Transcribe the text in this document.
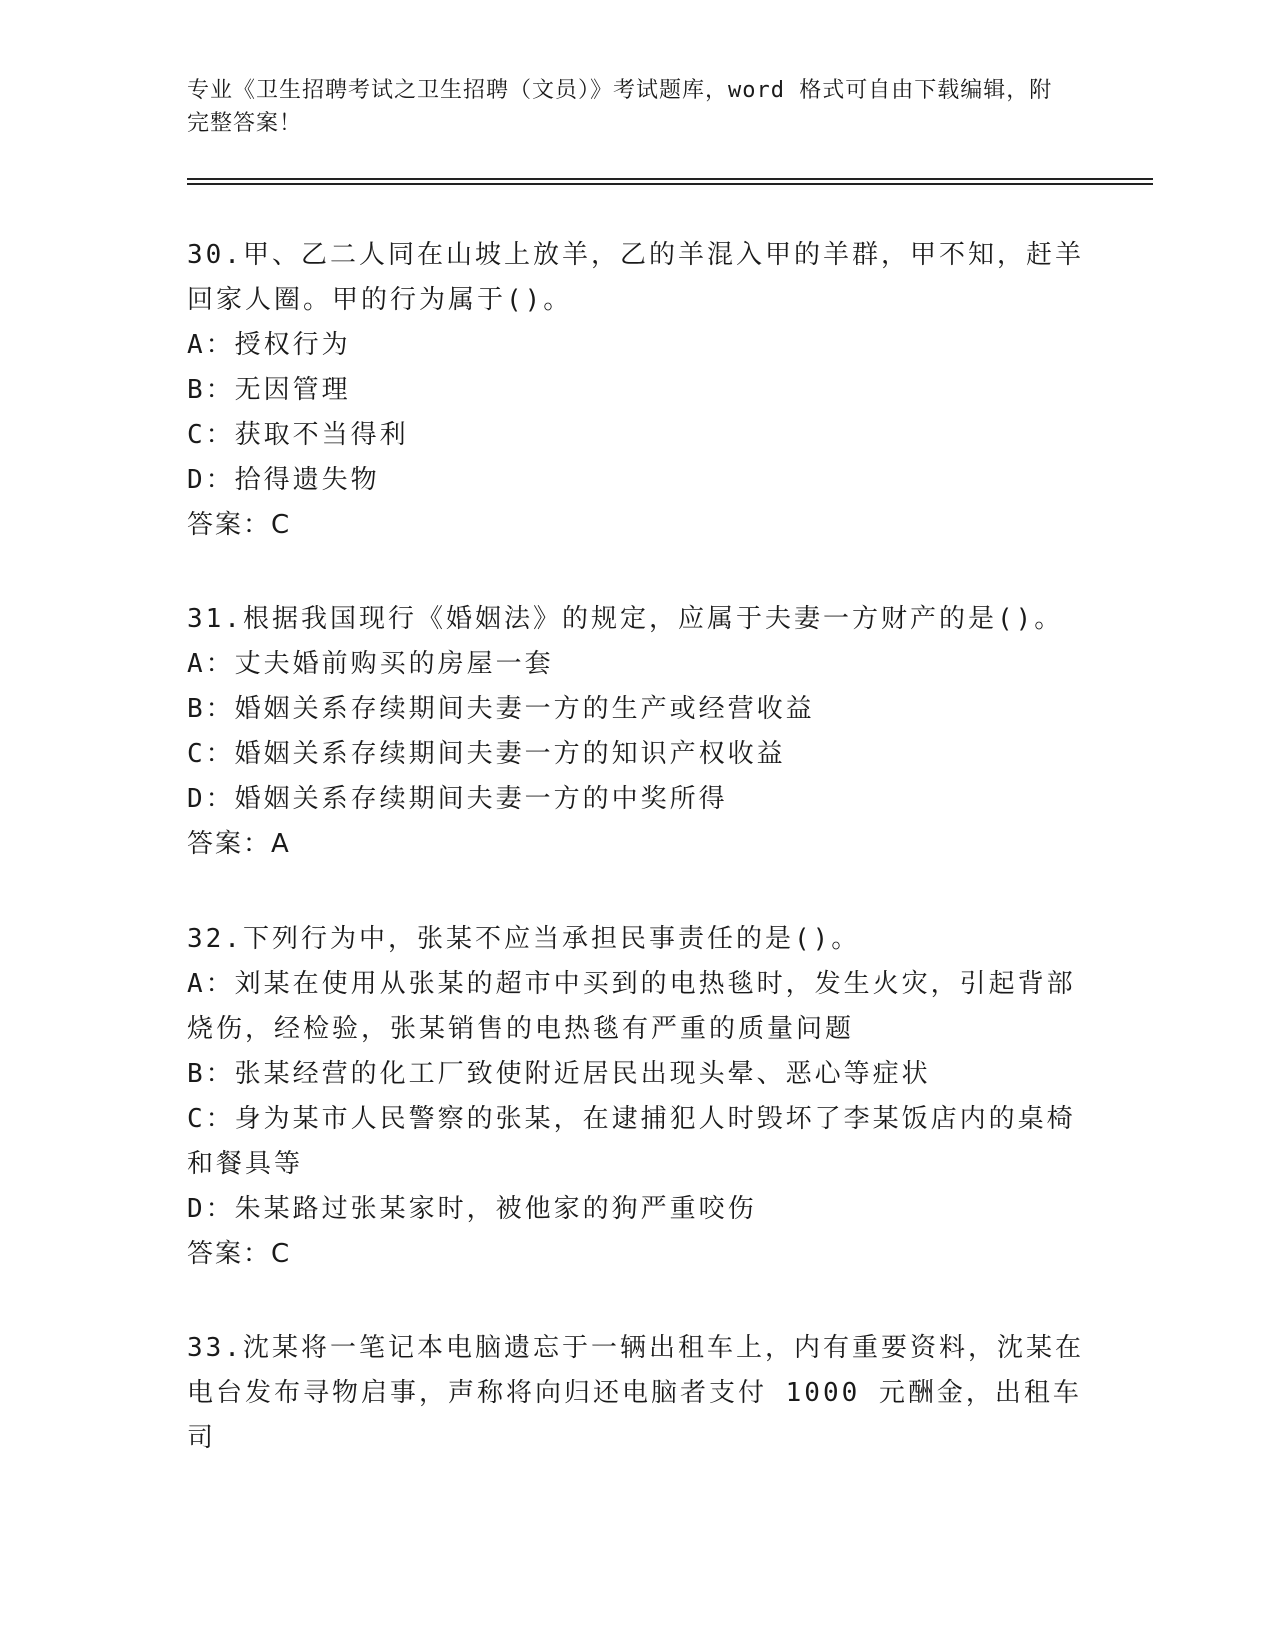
专业《卫生招聘考试之卫生招聘（文员）》考试题库，word 格式可自由下载编辑，附完整答案！
30.甲、乙二人同在山坡上放羊，乙的羊混入甲的羊群，甲不知，赶羊回家人圈。甲的行为属于()。
A：授权行为
B：无因管理
C：获取不当得利
D：拾得遗失物
答案：C
31.根据我国现行《婚姻法》的规定，应属于夫妻一方财产的是()。
A：丈夫婚前购买的房屋一套
B：婚姻关系存续期间夫妻一方的生产或经营收益
C：婚姻关系存续期间夫妻一方的知识产权收益
D：婚姻关系存续期间夫妻一方的中奖所得
答案：A
32.下列行为中，张某不应当承担民事责任的是()。
A：刘某在使用从张某的超市中买到的电热毯时，发生火灾，引起背部烧伤，经检验，张某销售的电热毯有严重的质量问题
B：张某经营的化工厂致使附近居民出现头晕、恶心等症状
C：身为某市人民警察的张某，在逮捕犯人时毁坏了李某饭店内的桌椅和餐具等
D：朱某路过张某家时，被他家的狗严重咬伤
答案：C
33.沈某将一笔记本电脑遗忘于一辆出租车上，内有重要资料，沈某在电台发布寻物启事，声称将向归还电脑者支付 1000 元酬金，出租车司
